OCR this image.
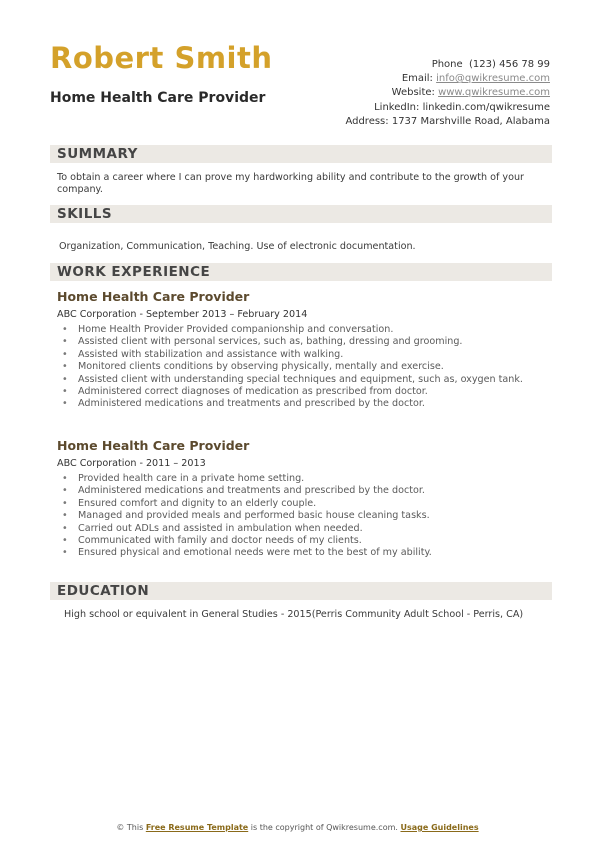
Robert Smith
Home Health Care Provider
Phone (123) 456 78 99
Email: info@qwikresume.com
Website: www.qwikresume.com
LinkedIn: linkedin.com/qwikresume
Address: 1737 Marshville Road, Alabama
SUMMARY
To obtain a career where I can prove my hardworking ability and contribute to the growth of your company.
SKILLS
Organization, Communication, Teaching. Use of electronic documentation.
WORK EXPERIENCE
Home Health Care Provider
ABC Corporation - September 2013 – February 2014
• Home Health Provider Provided companionship and conversation.
• Assisted client with personal services, such as, bathing, dressing and grooming.
• Assisted with stabilization and assistance with walking.
• Monitored clients conditions by observing physically, mentally and exercise.
• Assisted client with understanding special techniques and equipment, such as, oxygen tank.
• Administered correct diagnoses of medication as prescribed from doctor.
• Administered medications and treatments and prescribed by the doctor.
Home Health Care Provider
ABC Corporation - 2011 – 2013
• Provided health care in a private home setting.
• Administered medications and treatments and prescribed by the doctor.
• Ensured comfort and dignity to an elderly couple.
• Managed and provided meals and performed basic house cleaning tasks.
• Carried out ADLs and assisted in ambulation when needed.
• Communicated with family and doctor needs of my clients.
• Ensured physical and emotional needs were met to the best of my ability.
EDUCATION
High school or equivalent in General Studies - 2015(Perris Community Adult School - Perris, CA)
© This Free Resume Template is the copyright of Qwikresume.com. Usage Guidelines
